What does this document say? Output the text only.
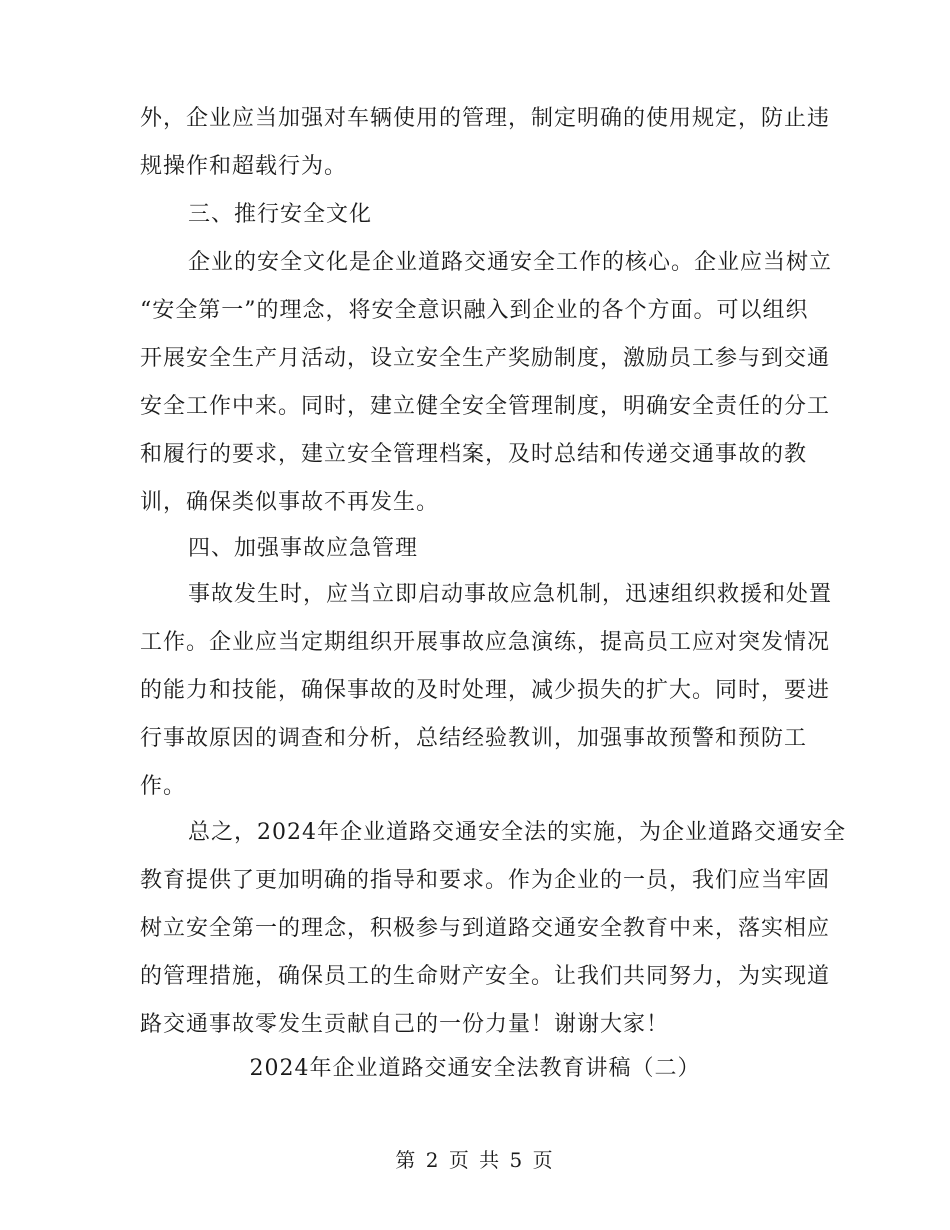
外，企业应当加强对车辆使用的管理，制定明确的使用规定，防止违
规操作和超载行为。
三、推行安全文化
企业的安全文化是企业道路交通安全工作的核心。企业应当树立
“安全第一”的理念，将安全意识融入到企业的各个方面。可以组织
开展安全生产月活动，设立安全生产奖励制度，激励员工参与到交通
安全工作中来。同时，建立健全安全管理制度，明确安全责任的分工
和履行的要求，建立安全管理档案，及时总结和传递交通事故的教
训，确保类似事故不再发生。
四、加强事故应急管理
事故发生时，应当立即启动事故应急机制，迅速组织救援和处置
工作。企业应当定期组织开展事故应急演练，提高员工应对突发情况
的能力和技能，确保事故的及时处理，减少损失的扩大。同时，要进
行事故原因的调查和分析，总结经验教训，加强事故预警和预防工
作。
总之，2024年企业道路交通安全法的实施，为企业道路交通安全
教育提供了更加明确的指导和要求。作为企业的一员，我们应当牢固
树立安全第一的理念，积极参与到道路交通安全教育中来，落实相应
的管理措施，确保员工的生命财产安全。让我们共同努力，为实现道
路交通事故零发生贡献自己的一份力量！谢谢大家！
2024年企业道路交通安全法教育讲稿（二）
第 2 页 共 5 页
